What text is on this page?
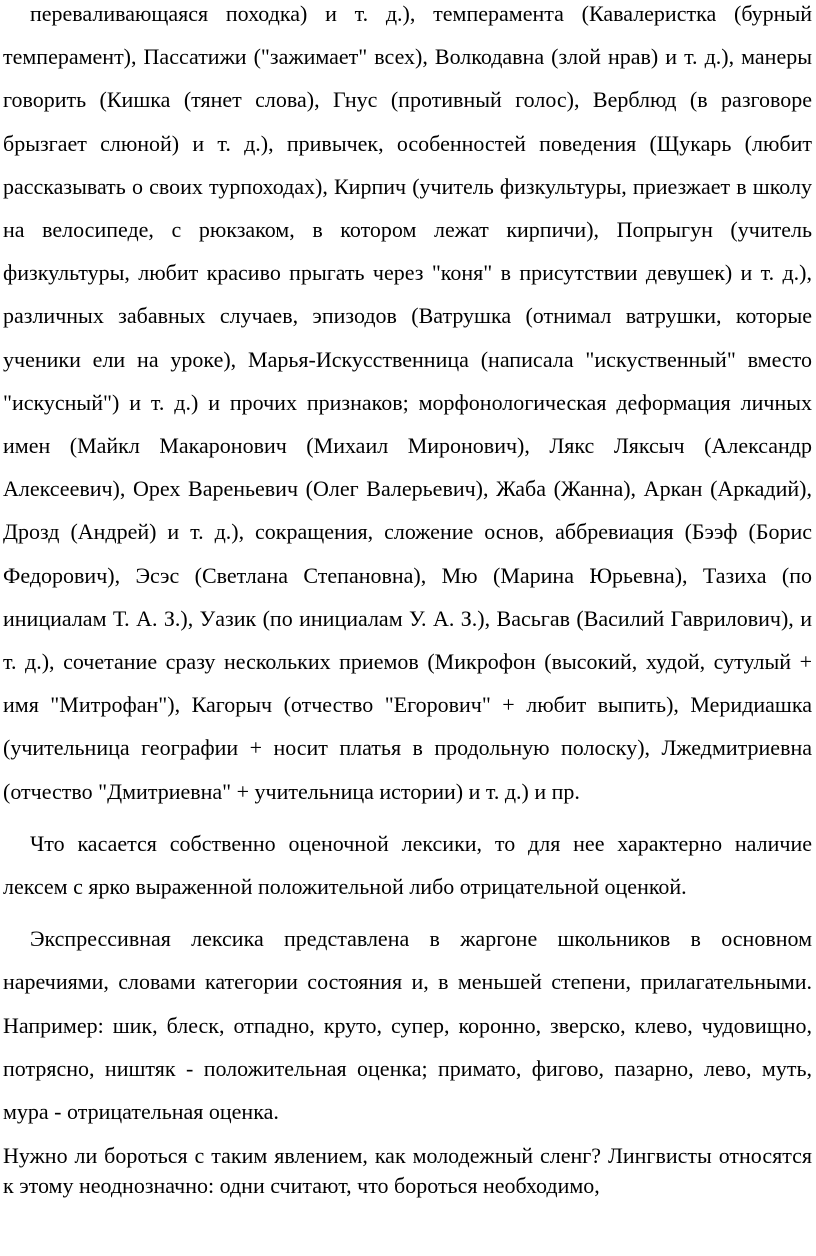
переваливающаяся походка) и т. д.), темперамента (Кавалеристка (бурный темперамент), Пассатижи ("зажимает" всех), Волкодавна (злой нрав) и т. д.), манеры говорить (Кишка (тянет слова), Гнус (противный голос), Верблюд (в разговоре брызгает слюной) и т. д.), привычек, особенностей поведения (Щукарь (любит рассказывать о своих турпоходах), Кирпич (учитель физкультуры, приезжает в школу на велосипеде, с рюкзаком, в котором лежат кирпичи), Попрыгун (учитель физкультуры, любит красиво прыгать через "коня" в присутствии девушек) и т. д.), различных забавных случаев, эпизодов (Ватрушка (отнимал ватрушки, которые ученики ели на уроке), Марья-Искусственница (написала "искуственный" вместо "искусный") и т. д.) и прочих признаков; морфонологическая деформация личных имен (Майкл Макаронович (Михаил Миронович), Лякс Ляксыч (Александр Алексеевич), Орех Вареньевич (Олег Валерьевич), Жаба (Жанна), Аркан (Аркадий), Дрозд (Андрей) и т. д.), сокращения, сложение основ, аббревиация (Бээф (Борис Федорович), Эсэс (Светлана Степановна), Мю (Марина Юрьевна), Тазиха (по инициалам Т. А. З.), Уазик (по инициалам У. А. З.), Васьгав (Василий Гаврилович), и т. д.), сочетание сразу нескольких приемов (Микрофон (высокий, худой, сутулый + имя "Митрофан"), Кагорыч (отчество "Егорович" + любит выпить), Меридиашка (учительница географии + носит платья в продольную полоску), Лжедмитриевна (отчество "Дмитриевна" + учительница истории) и т. д.) и пр.

Что касается собственно оценочной лексики, то для нее характерно наличие лексем с ярко выраженной положительной либо отрицательной оценкой.

Экспрессивная лексика представлена в жаргоне школьников в основном наречиями, словами категории состояния и, в меньшей степени, прилагательными. Например: шик, блеск, отпадно, круто, супер, коронно, зверско, клево, чудовищно, потрясно, ништяк - положительная оценка; примато, фигово, пазарно, лево, муть, мура - отрицательная оценка.

Нужно ли бороться с таким явлением, как молодежный сленг? Лингвисты относятся к этому неоднозначно: одни считают, что бороться необходимо,
